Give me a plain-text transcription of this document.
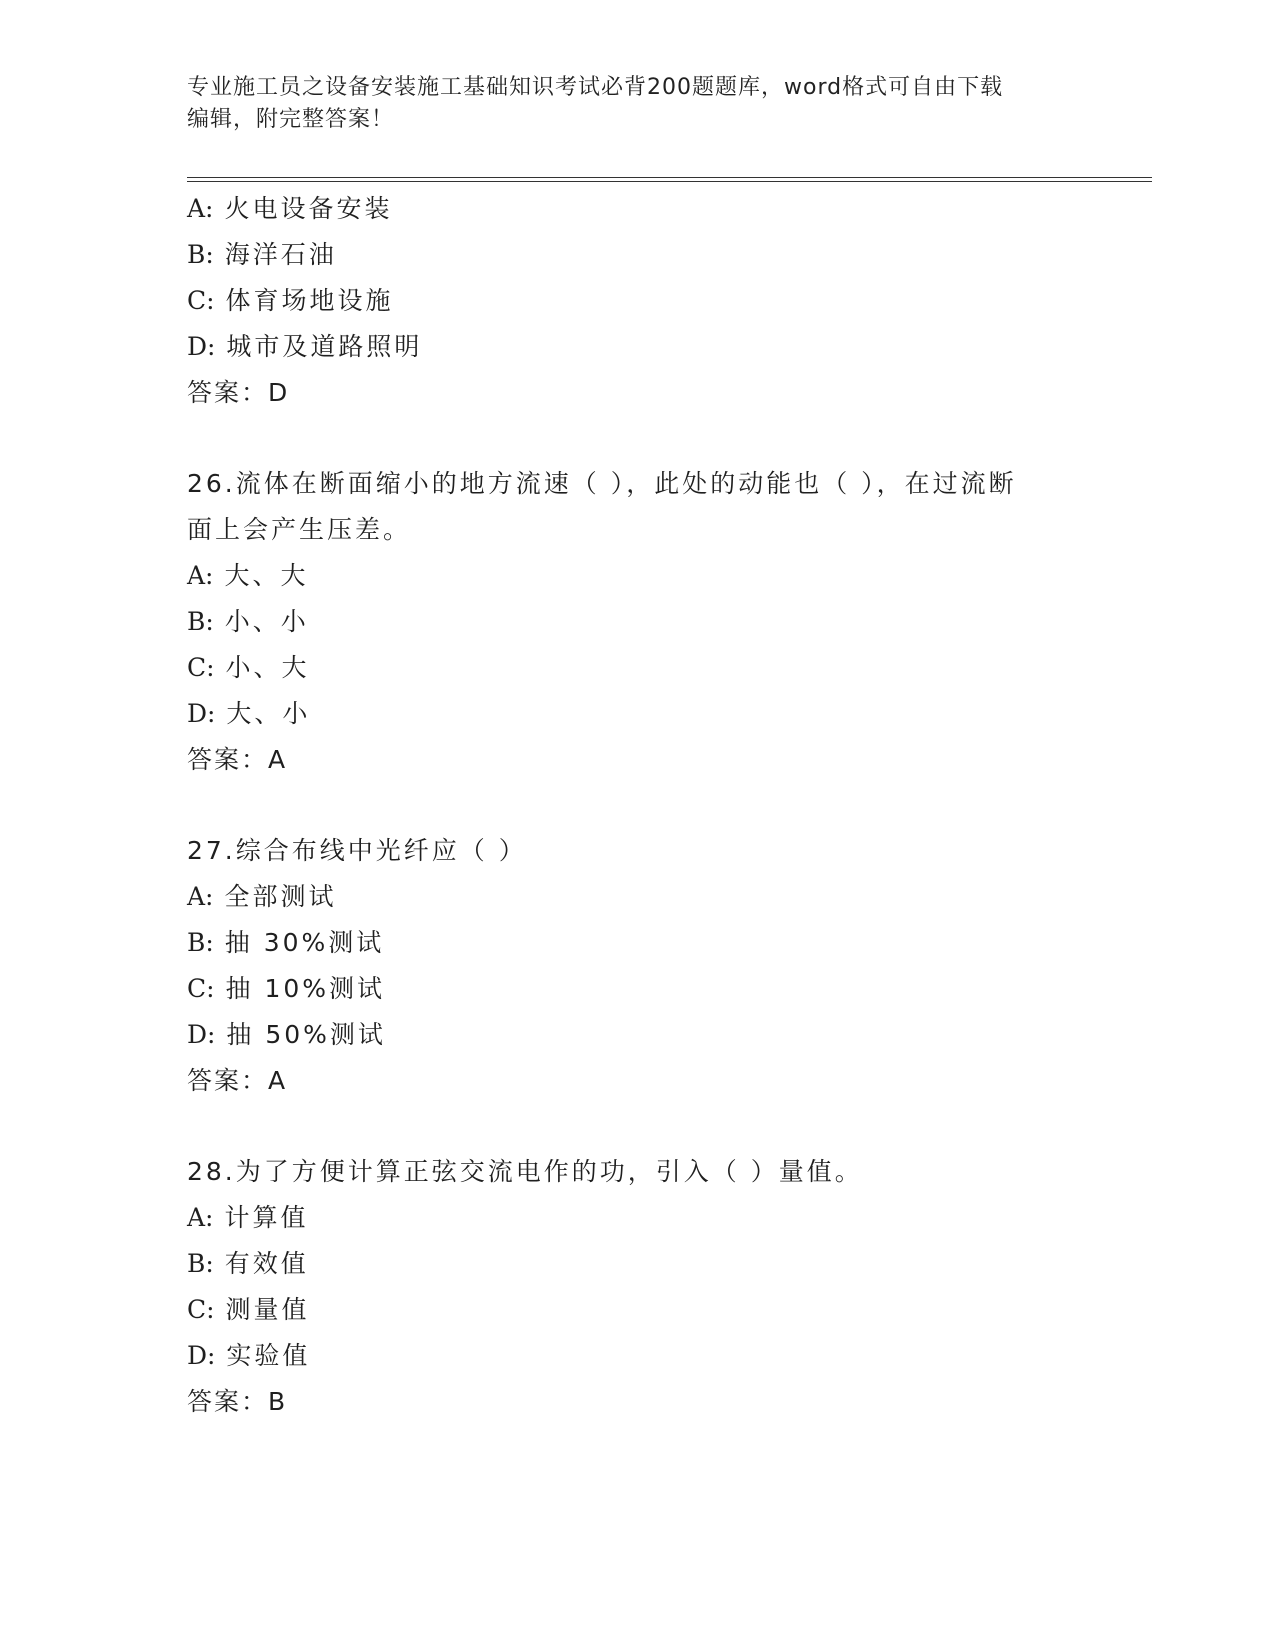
专业施工员之设备安装施工基础知识考试必背200题题库，word格式可自由下载
编辑，附完整答案！
A: 火电设备安装
B: 海洋石油
C: 体育场地设施
D: 城市及道路照明
答案：D
26.流体在断面缩小的地方流速（ ），此处的动能也（ ），在过流断
面上会产生压差。
A: 大、大
B: 小、小
C: 小、大
D: 大、小
答案：A
27.综合布线中光纤应（ ）
A: 全部测试
B: 抽 30%测试
C: 抽 10%测试
D: 抽 50%测试
答案：A
28.为了方便计算正弦交流电作的功，引入（ ）量值。
A: 计算值
B: 有效值
C: 测量值
D: 实验值
答案：B
